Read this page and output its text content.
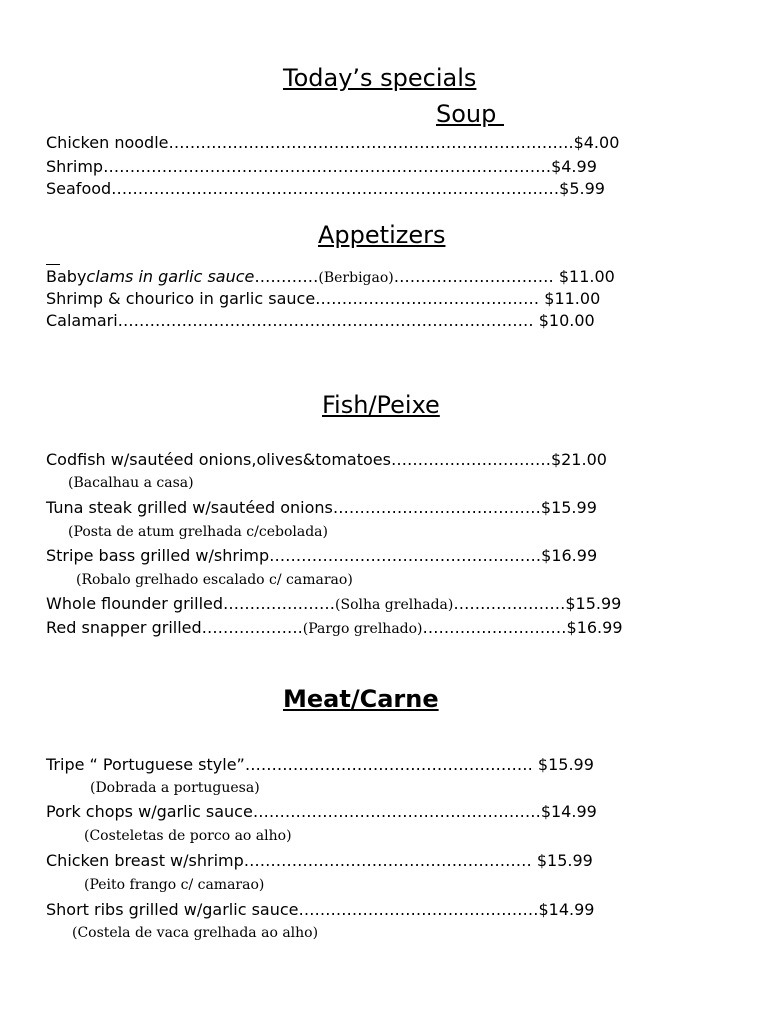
Today’s specials
Soup
Chicken noodle………………………………………………………………….$4.00
Shrimp…………………………………………………………………………$4.99
Seafood…………………………………………………………………………$5.99
Appetizers
Babyclams in garlic sauce…………(Berbigao)………………………… $11.00
Shrimp & chourico in garlic sauce…………………………………… $11.00
Calamari…………………………………………………………………… $10.00
Fish/Peixe
Codfish w/sautéed onions,olives&tomatoes…………………………$21.00
(Bacalhau a casa)
Tuna steak grilled w/sautéed onions…………………………………$15.99
(Posta de atum grelhada c/cebolada)
Stripe bass grilled w/shrimp……………………………………………$16.99
(Robalo grelhado escalado c/ camarao)
Whole flounder grilled…………………(Solha grelhada)…………………$15.99
Red snapper grilled……………….(Pargo grelhado)………………………$16.99
Meat/Carne
Tripe “ Portuguese style”……………………………………………… $15.99
(Dobrada a portuguesa)
Pork chops w/garlic sauce………………………………………………$14.99
(Costeletas de porco ao alho)
Chicken breast w/shrimp……………………………………………… $15.99
(Peito frango c/ camarao)
Short ribs grilled w/garlic sauce………………………………………$14.99
(Costela de vaca grelhada ao alho)
